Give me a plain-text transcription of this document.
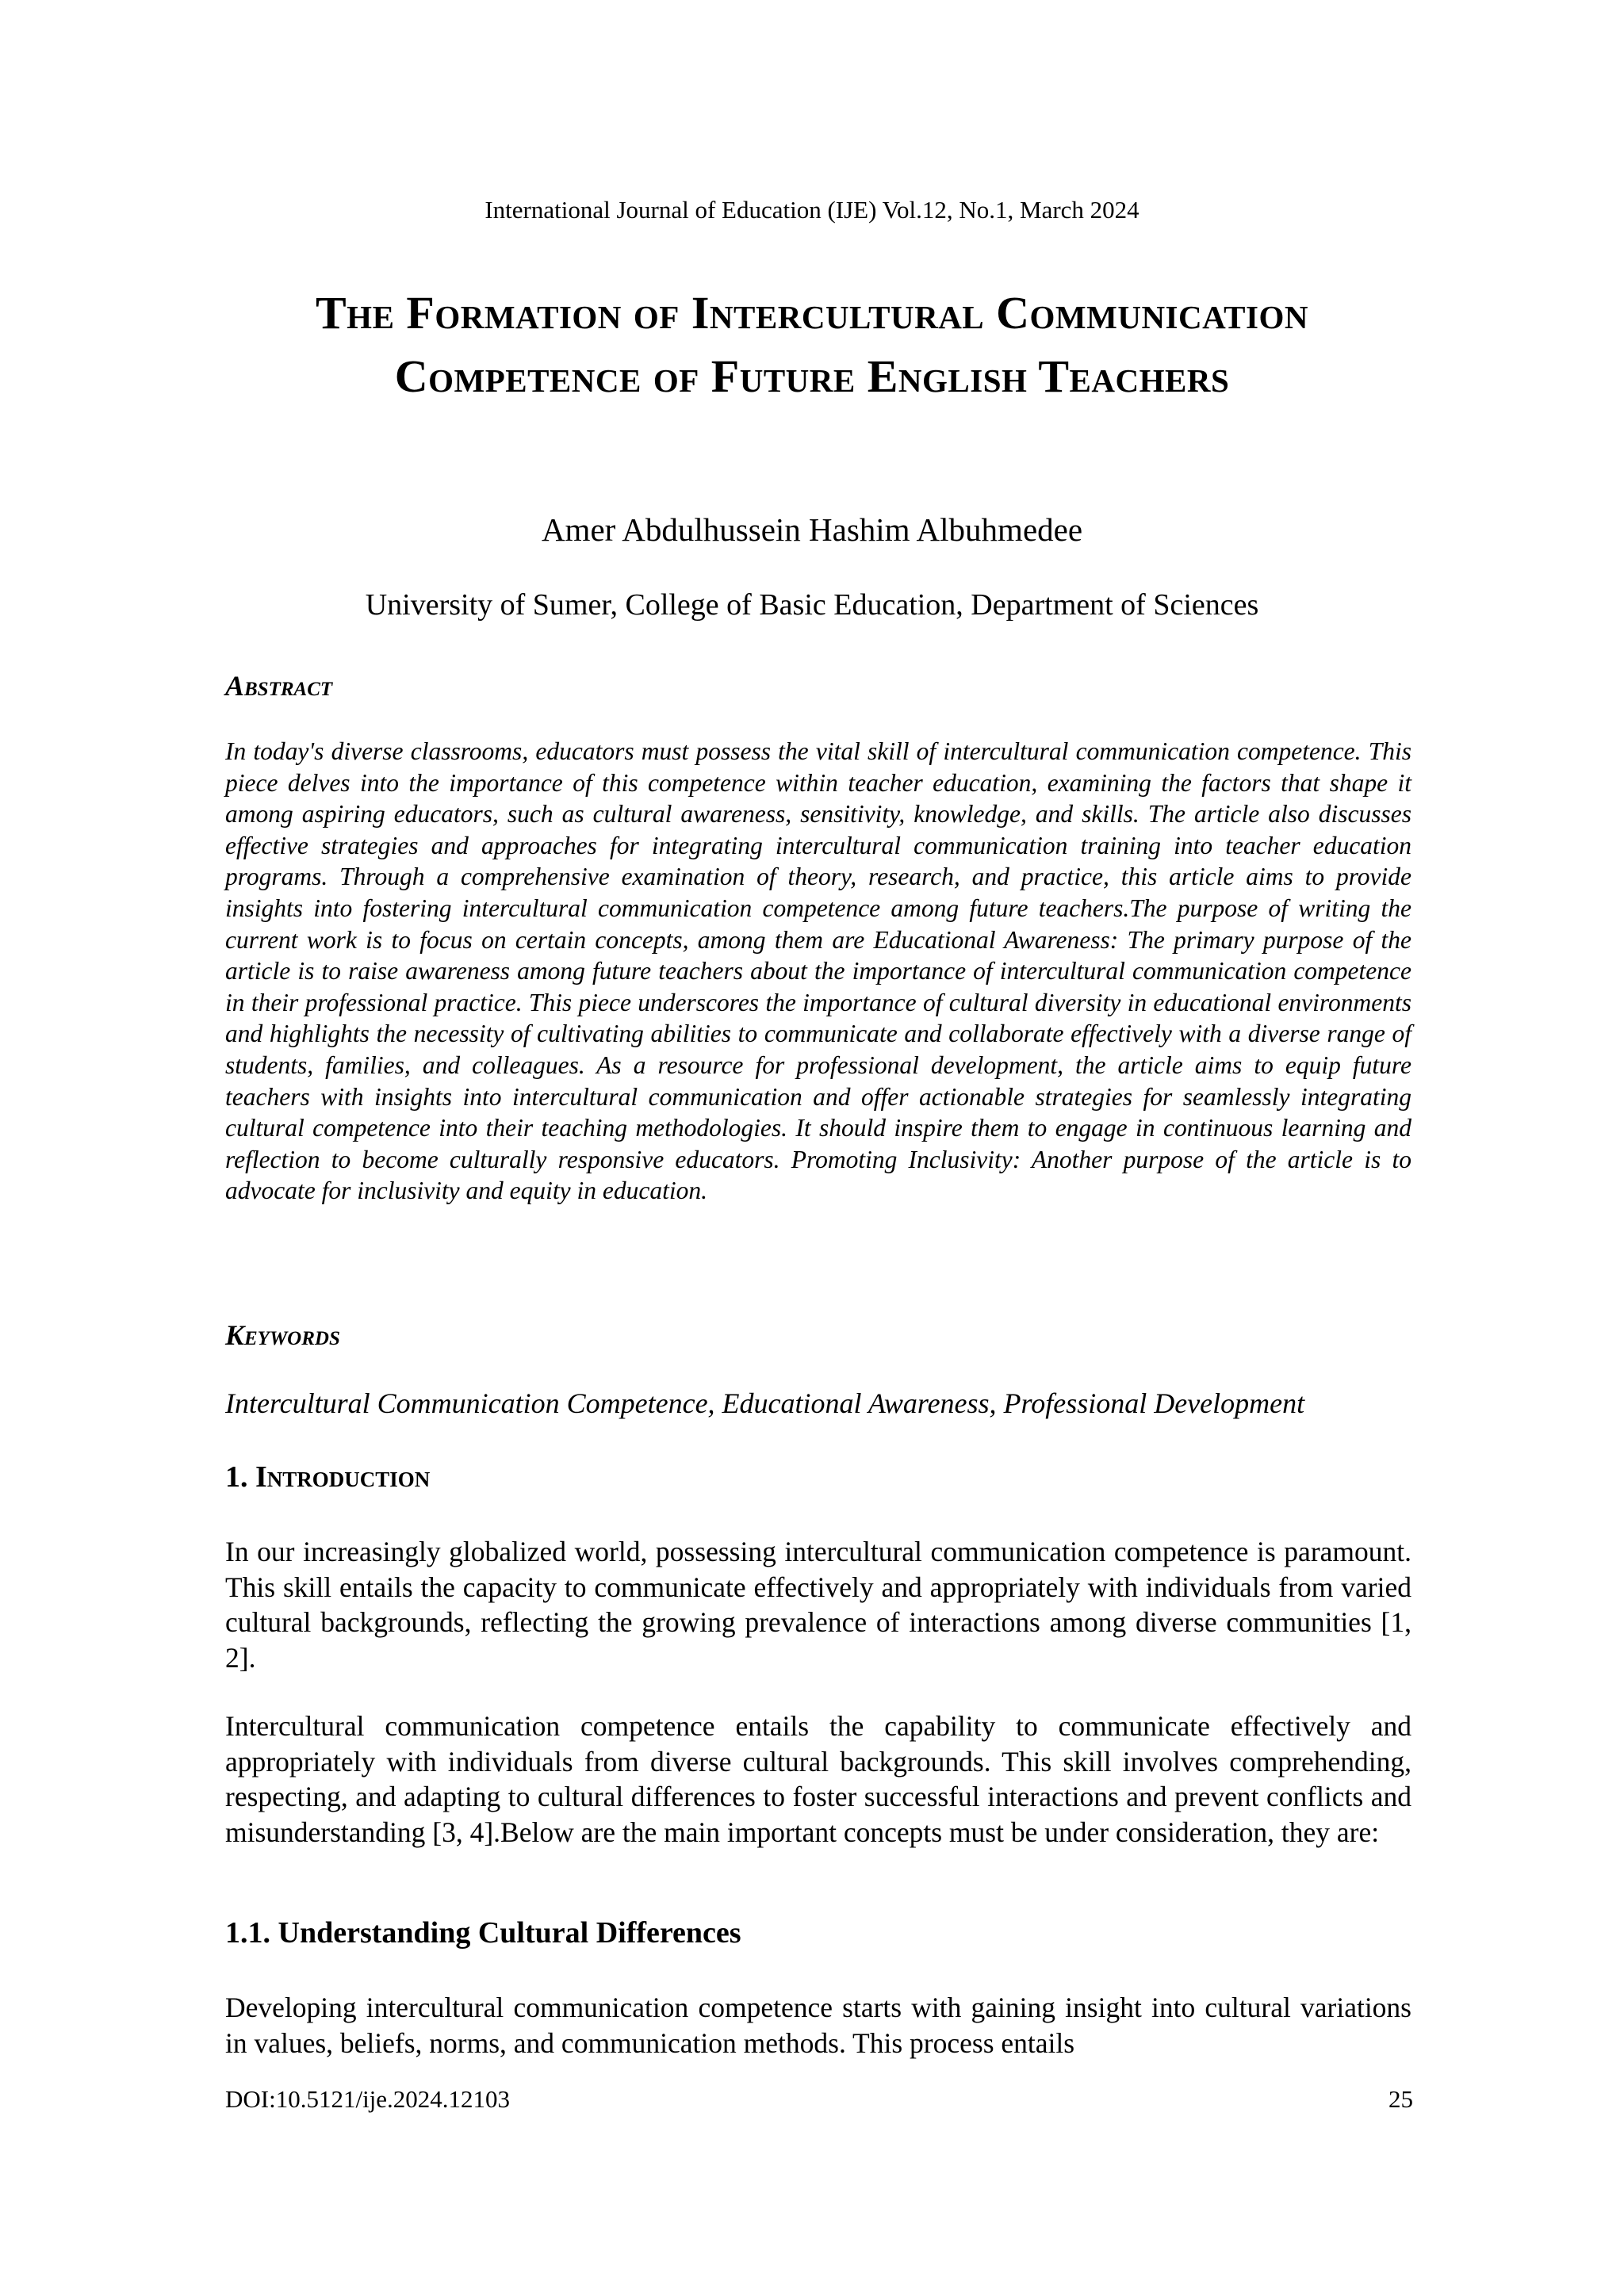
International Journal of Education (IJE) Vol.12, No.1, March 2024
The Formation of Intercultural Communication Competence of Future English Teachers
Amer Abdulhussein Hashim Albuhmedee
University of Sumer, College of Basic Education, Department of Sciences
Abstract
In today's diverse classrooms, educators must possess the vital skill of intercultural communication competence. This piece delves into the importance of this competence within teacher education, examining the factors that shape it among aspiring educators, such as cultural awareness, sensitivity, knowledge, and skills. The article also discusses effective strategies and approaches for integrating intercultural communication training into teacher education programs. Through a comprehensive examination of theory, research, and practice, this article aims to provide insights into fostering intercultural communication competence among future teachers.The purpose of writing the current work is to focus on certain concepts, among them are Educational Awareness: The primary purpose of the article is to raise awareness among future teachers about the importance of intercultural communication competence in their professional practice. This piece underscores the importance of cultural diversity in educational environments and highlights the necessity of cultivating abilities to communicate and collaborate effectively with a diverse range of students, families, and colleagues. As a resource for professional development, the article aims to equip future teachers with insights into intercultural communication and offer actionable strategies for seamlessly integrating cultural competence into their teaching methodologies. It should inspire them to engage in continuous learning and reflection to become culturally responsive educators. Promoting Inclusivity: Another purpose of the article is to advocate for inclusivity and equity in education.
Keywords
Intercultural Communication Competence, Educational Awareness, Professional Development
1. Introduction
In our increasingly globalized world, possessing intercultural communication competence is paramount. This skill entails the capacity to communicate effectively and appropriately with individuals from varied cultural backgrounds, reflecting the growing prevalence of interactions among diverse communities [1, 2].
Intercultural communication competence entails the capability to communicate effectively and appropriately with individuals from diverse cultural backgrounds. This skill involves comprehending, respecting, and adapting to cultural differences to foster successful interactions and prevent conflicts and misunderstanding [3, 4].Below are the main important concepts must be under consideration, they are:
1.1. Understanding Cultural Differences
Developing intercultural communication competence starts with gaining insight into cultural variations in values, beliefs, norms, and communication methods. This process entails
DOI:10.5121/ije.2024.12103	25
